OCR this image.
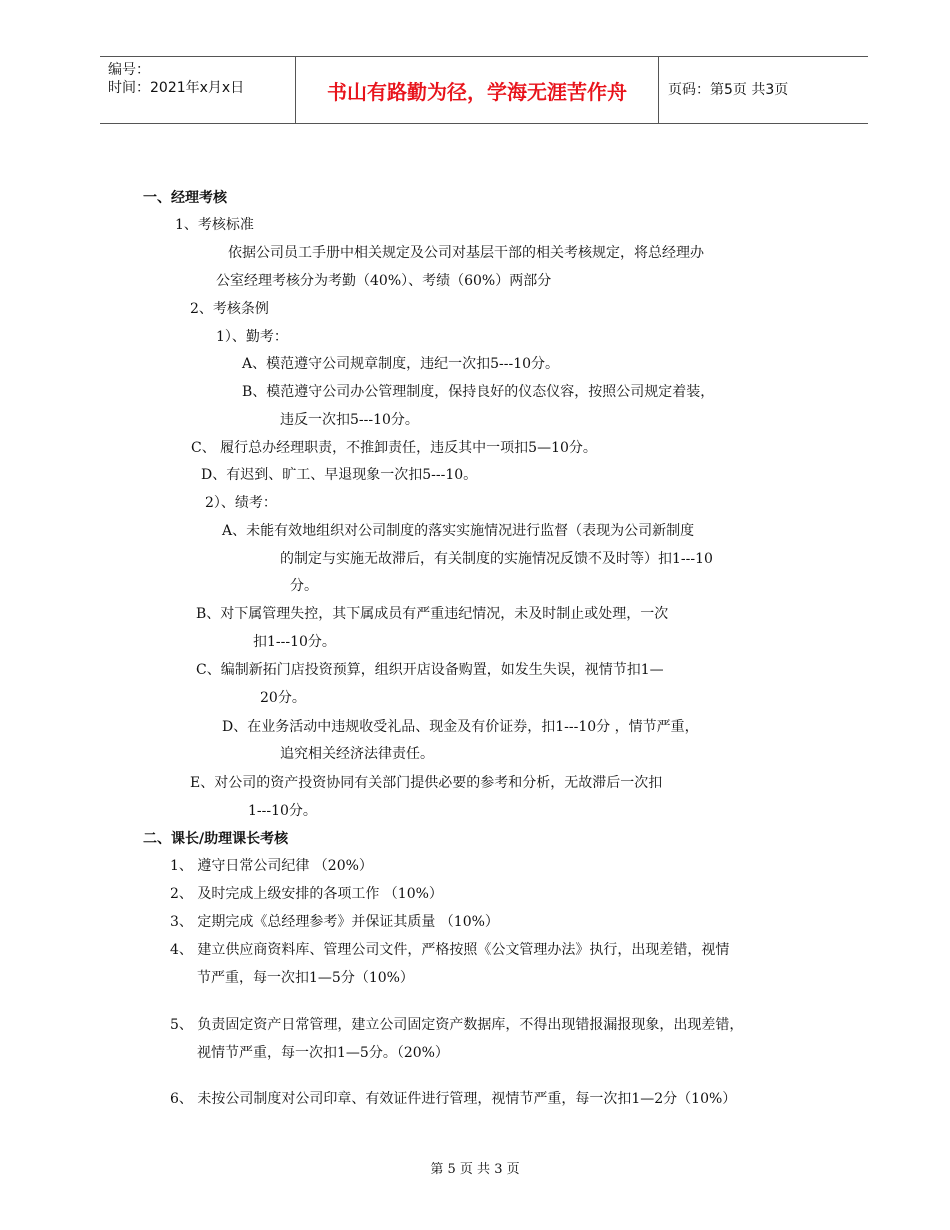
编号：
时间：2021年x月x日	书山有路勤为径，学海无涯苦作舟	页码：第5页 共3页
一、经理考核
1、考核标准
依据公司员工手册中相关规定及公司对基层干部的相关考核规定，将总经理办
公室经理考核分为考勤（40%）、考绩（60%）两部分
2、考核条例
1）、勤考：
A、模范遵守公司规章制度，违纪一次扣5---10分。
B、模范遵守公司办公管理制度，保持良好的仪态仪容，按照公司规定着装，
违反一次扣5---10分。
C、 履行总办经理职责，不推卸责任，违反其中一项扣5—10分。
D、有迟到、旷工、早退现象一次扣5---10。
2）、绩考：
A、未能有效地组织对公司制度的落实实施情况进行监督（表现为公司新制度
的制定与实施无故滞后，有关制度的实施情况反馈不及时等）扣1---10
分。
B、对下属管理失控，其下属成员有严重违纪情况，未及时制止或处理，一次
扣1---10分。
C、编制新拓门店投资预算，组织开店设备购置，如发生失误，视情节扣1—
20分。
D、在业务活动中违规收受礼品、现金及有价证券，扣1---10分 ，情节严重，
追究相关经济法律责任。
E、对公司的资产投资协同有关部门提供必要的参考和分析，无故滞后一次扣
1---10分。
二、课长/助理课长考核
1、 遵守日常公司纪律 （20%）
2、 及时完成上级安排的各项工作 （10%）
3、 定期完成《总经理参考》并保证其质量 （10%）
4、 建立供应商资料库、管理公司文件，严格按照《公文管理办法》执行，出现差错，视情
节严重，每一次扣1—5分（10%）
5、 负责固定资产日常管理，建立公司固定资产数据库，不得出现错报漏报现象，出现差错，
视情节严重，每一次扣1—5分。（20%）
6、 未按公司制度对公司印章、有效证件进行管理，视情节严重，每一次扣1—2分（10%）
第 5 页 共 3 页
